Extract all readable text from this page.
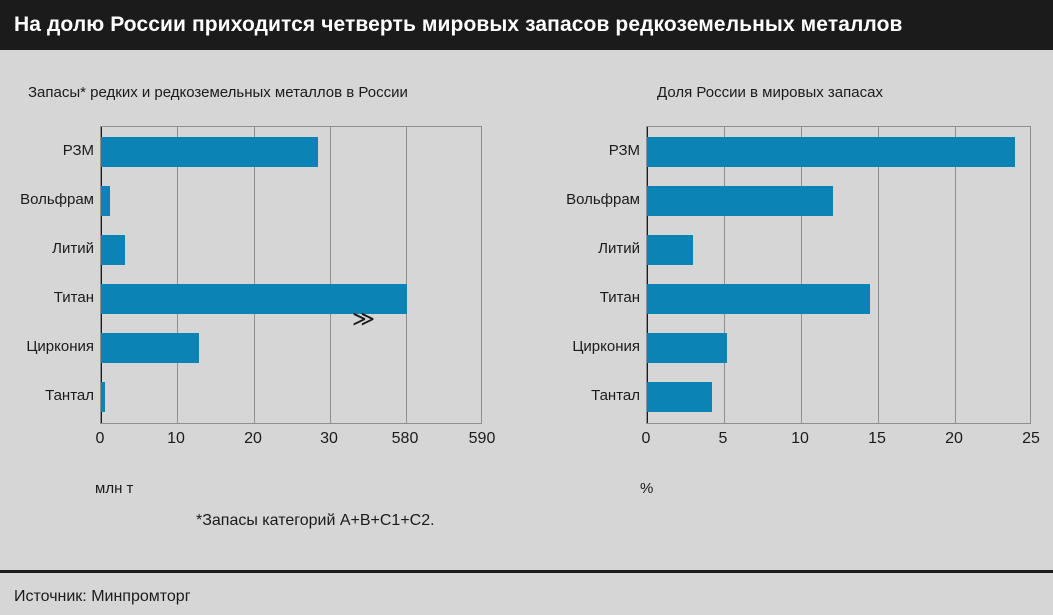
На долю России приходится четверть мировых запасов редкоземельных металлов
Запасы* редких и редкоземельных металлов в России
РЗМ
Вольфрам
Литий
Титан
Циркония
Тантал
0	10	20	30	580	590
≫
млн т
*Запасы категорий A+B+C1+C2.
Доля России в мировых запасах
РЗМ
Вольфрам
Литий
Титан
Циркония
Тантал
0	5	10	15	20	25
%
Источник: Минпромторг
